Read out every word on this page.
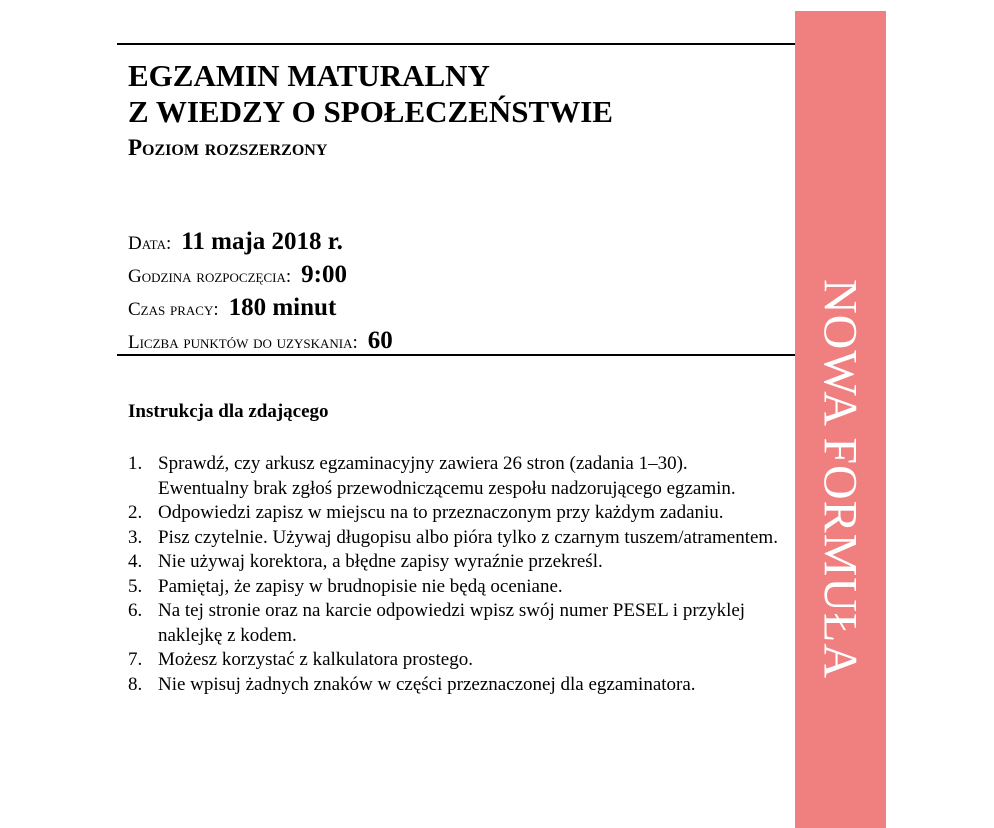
EGZAMIN MATURALNY
Z WIEDZY O SPOŁECZEŃSTWIE
Poziom rozszerzony
Data: 11 maja 2018 r.
Godzina rozpoczęcia: 9:00
Czas pracy: 180 minut
Liczba punktów do uzyskania: 60
Instrukcja dla zdającego
1. Sprawdź, czy arkusz egzaminacyjny zawiera 26 stron (zadania 1–30). Ewentualny brak zgłoś przewodniczącemu zespołu nadzorującego egzamin.
2. Odpowiedzi zapisz w miejscu na to przeznaczonym przy każdym zadaniu.
3. Pisz czytelnie. Używaj długopisu albo pióra tylko z czarnym tuszem/atramentem.
4. Nie używaj korektora, a błędne zapisy wyraźnie przekreśl.
5. Pamiętaj, że zapisy w brudnopisie nie będą oceniane.
6. Na tej stronie oraz na karcie odpowiedzi wpisz swój numer PESEL i przyklej naklejkę z kodem.
7. Możesz korzystać z kalkulatora prostego.
8. Nie wpisuj żadnych znaków w części przeznaczonej dla egzaminatora.
NOWA FORMUŁA
